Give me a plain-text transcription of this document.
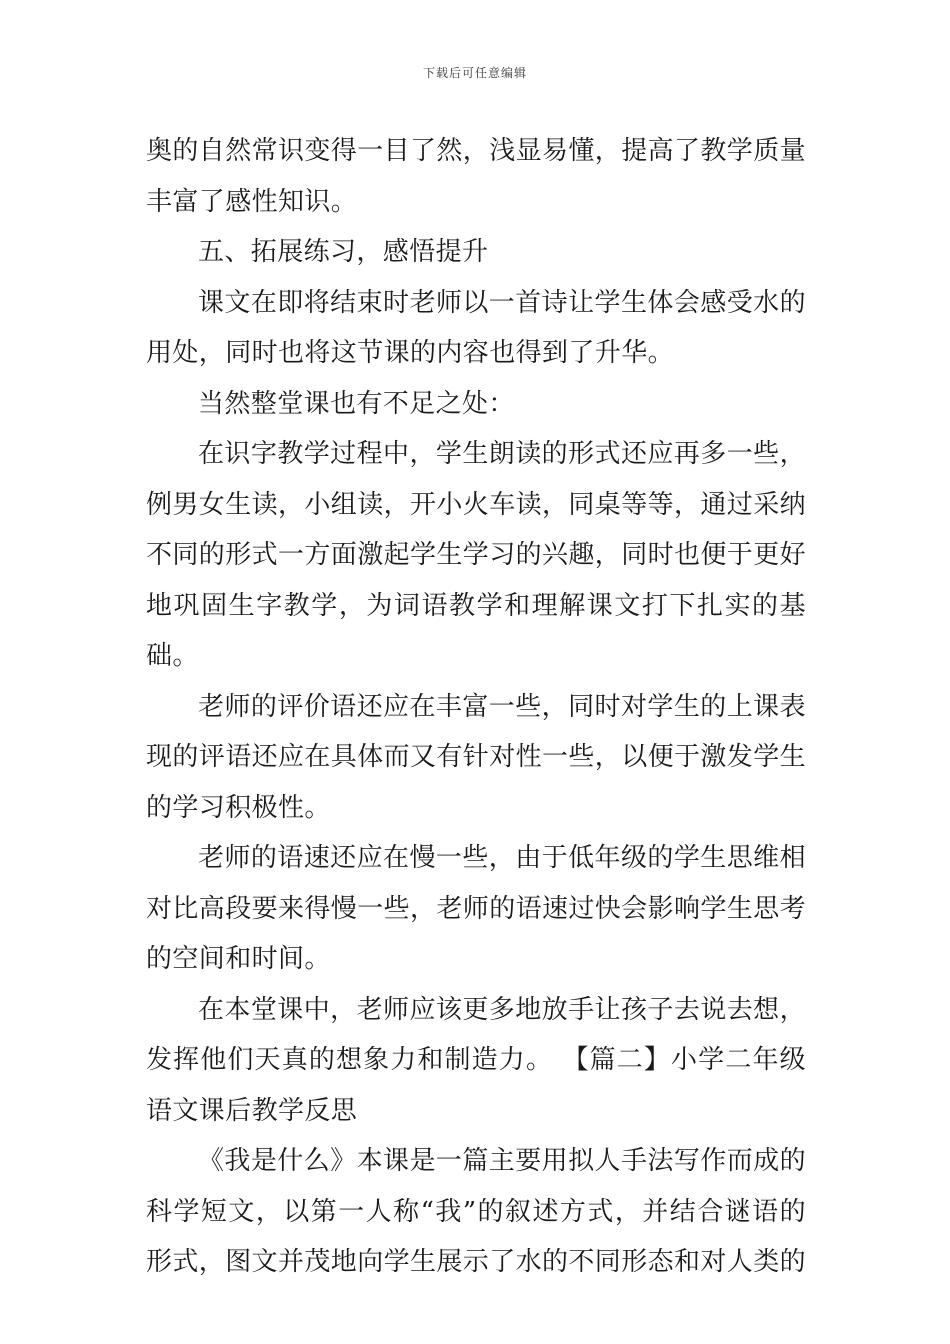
下载后可任意编辑

奥的自然常识变得一目了然，浅显易懂，提高了教学质量丰富了感性知识。

五、拓展练习，感悟提升

课文在即将结束时老师以一首诗让学生体会感受水的用处，同时也将这节课的内容也得到了升华。

当然整堂课也有不足之处：

在识字教学过程中，学生朗读的形式还应再多一些，例男女生读，小组读，开小火车读，同桌等等，通过采纳不同的形式一方面激起学生学习的兴趣，同时也便于更好地巩固生字教学，为词语教学和理解课文打下扎实的基础。

老师的评价语还应在丰富一些，同时对学生的上课表现的评语还应在具体而又有针对性一些，以便于激发学生的学习积极性。

老师的语速还应在慢一些，由于低年级的学生思维相对比高段要来得慢一些，老师的语速过快会影响学生思考的空间和时间。

在本堂课中，老师应该更多地放手让孩子去说去想，发挥他们天真的想象力和制造力。 【篇二】小学二年级语文课后教学反思

《我是什么》本课是一篇主要用拟人手法写作而成的科学短文，以第一人称“我”的叙述方式，并结合谜语的形式，图文并茂地向学生展示了水的不同形态和对人类的
